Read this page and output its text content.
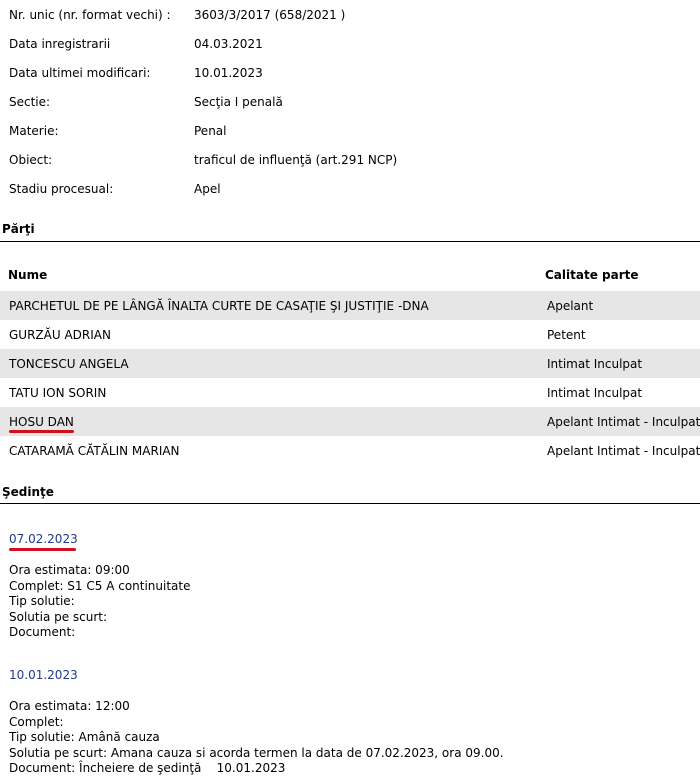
Nr. unic (nr. format vechi) :	3603/3/2017 (658/2021 )
Data inregistrarii	04.03.2021
Data ultimei modificari:	10.01.2023
Sectie:	Secţia I penală
Materie:	Penal
Obiect:	traficul de influenţă (art.291 NCP)
Stadiu procesual:	Apel
Părţi
Nume	Calitate parte
PARCHETUL DE PE LÂNGĂ ÎNALTA CURTE DE CASAŢIE ŞI JUSTIŢIE -DNA	Apelant
GURZĂU ADRIAN	Petent
TONCESCU ANGELA	Intimat Inculpat
TATU ION SORIN	Intimat Inculpat
HOSU DAN	Apelant Intimat - Inculpat
CATARAMĂ CĂTĂLIN MARIAN	Apelant Intimat - Inculpat
Şedinţe
07.02.2023
Ora estimata: 09:00
Complet: S1 C5 A continuitate
Tip solutie:
Solutia pe scurt:
Document:
10.01.2023
Ora estimata: 12:00
Complet:
Tip solutie: Amână cauza
Solutia pe scurt: Amana cauza si acorda termen la data de 07.02.2023, ora 09.00.
Document: Încheiere de şedinţă    10.01.2023
